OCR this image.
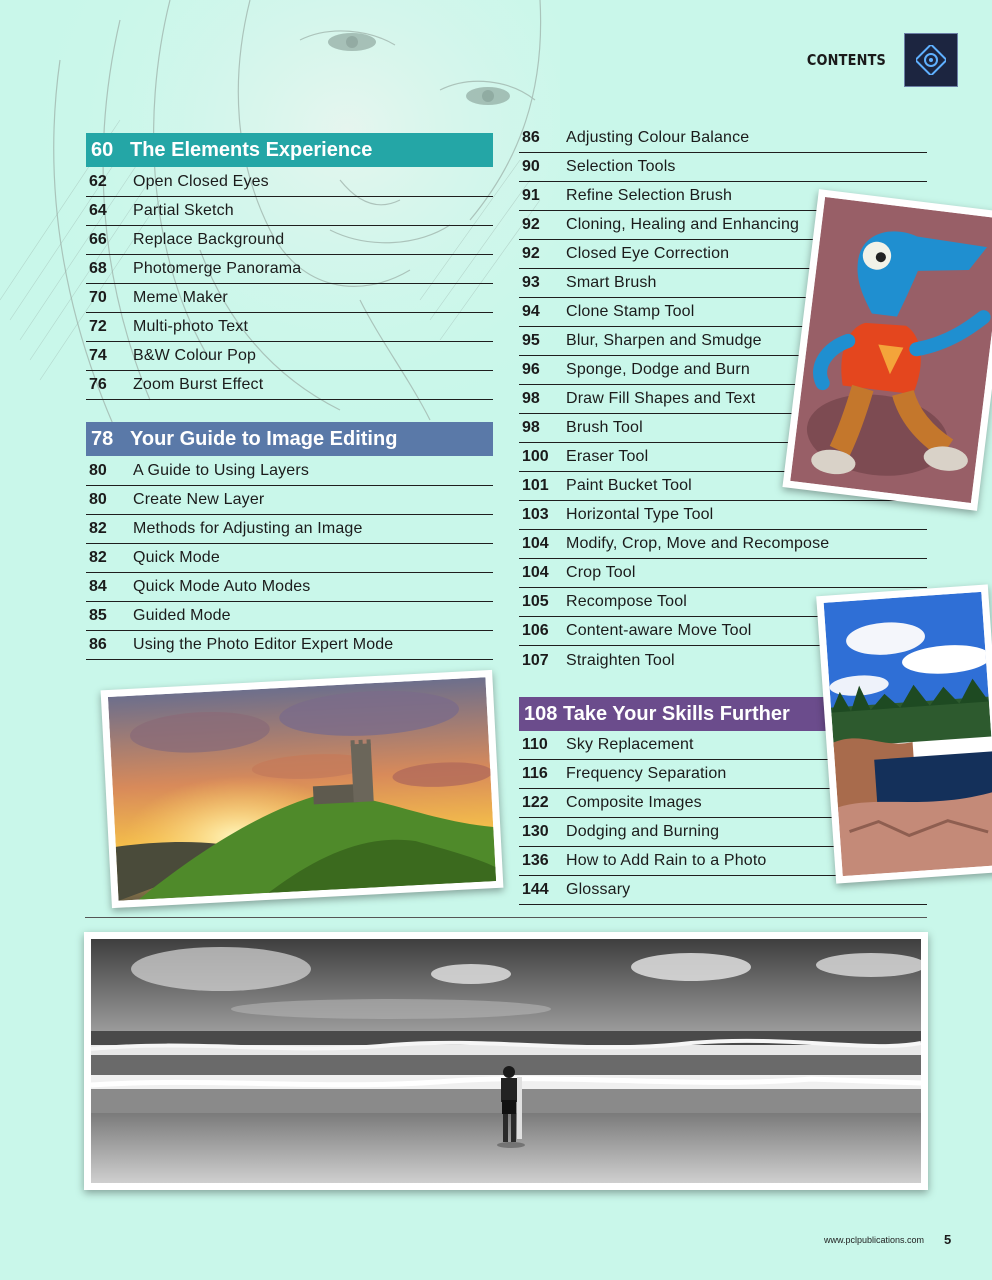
CONTENTS
60 The Elements Experience
62	Open Closed Eyes
64	Partial Sketch
66	Replace Background
68	Photomerge Panorama
70	Meme Maker
72	Multi-photo Text
74	B&W Colour Pop
76	Zoom Burst Effect
78 Your Guide to Image Editing
80	A Guide to Using Layers
80	Create New Layer
82	Methods for Adjusting an Image
82	Quick Mode
84	Quick Mode Auto Modes
85	Guided Mode
86	Using the Photo Editor Expert Mode
86	Adjusting Colour Balance
90	Selection Tools
91	Refine Selection Brush
92	Cloning, Healing and Enhancing
92	Closed Eye Correction
93	Smart Brush
94	Clone Stamp Tool
95	Blur, Sharpen and Smudge
96	Sponge, Dodge and Burn
98	Draw Fill Shapes and Text
98	Brush Tool
100	Eraser Tool
101	Paint Bucket Tool
103	Horizontal Type Tool
104	Modify, Crop, Move and Recompose
104	Crop Tool
105	Recompose Tool
106	Content-aware Move Tool
107	Straighten Tool
108 Take Your Skills Further
110	Sky Replacement
116	Frequency Separation
122	Composite Images
130	Dodging and Burning
136	How to Add Rain to a Photo
144	Glossary
www.pclpublications.com 5
